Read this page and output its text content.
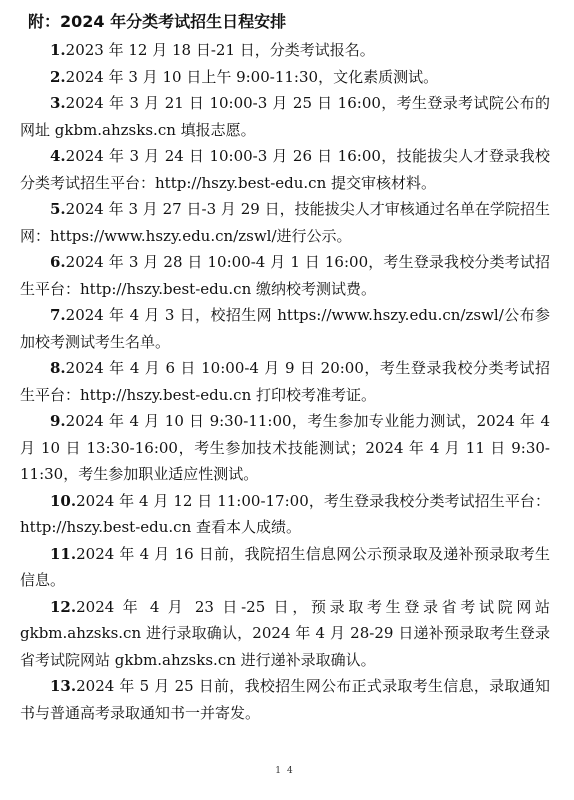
附：2024 年分类考试招生日程安排

1.2023 年 12 月 18 日-21 日，分类考试报名。

2.2024 年 3 月 10 日上午 9:00-11:30，文化素质测试。

3.2024 年 3 月 21 日 10:00-3 月 25 日 16:00，考生登录考试院公布的网址 gkbm.ahzsks.cn 填报志愿。

4.2024 年 3 月 24 日 10:00-3 月 26 日 16:00，技能拔尖人才登录我校分类考试招生平台：http://hszy.best-edu.cn 提交审核材料。

5.2024 年 3 月 27 日-3 月 29 日，技能拔尖人才审核通过名单在学院招生网：https://www.hszy.edu.cn/zswl/进行公示。

6.2024 年 3 月 28 日 10:00-4 月 1 日 16:00，考生登录我校分类考试招生平台：http://hszy.best-edu.cn 缴纳校考测试费。

7.2024 年 4 月 3 日，校招生网 https://www.hszy.edu.cn/zswl/公布参加校考测试考生名单。

8.2024 年 4 月 6 日 10:00-4 月 9 日 20:00，考生登录我校分类考试招生平台：http://hszy.best-edu.cn 打印校考准考证。

9.2024 年 4 月 10 日 9:30-11:00，考生参加专业能力测试，2024 年 4 月 10 日 13:30-16:00，考生参加技术技能测试；2024 年 4 月 11 日 9:30-11:30，考生参加职业适应性测试。

10.2024 年 4 月 12 日 11:00-17:00，考生登录我校分类考试招生平台：http://hszy.best-edu.cn 查看本人成绩。

11.2024 年 4 月 16 日前，我院招生信息网公示预录取及递补预录取考生信息。

12.2024 年 4 月 23 日-25 日，预录取考生登录省考试院网站 gkbm.ahzsks.cn 进行录取确认，2024 年 4 月 28-29 日递补预录取考生登录省考试院网站 gkbm.ahzsks.cn 进行递补录取确认。

13.2024 年 5 月 25 日前，我校招生网公布正式录取考生信息，录取通知书与普通高考录取通知书一并寄发。

14
